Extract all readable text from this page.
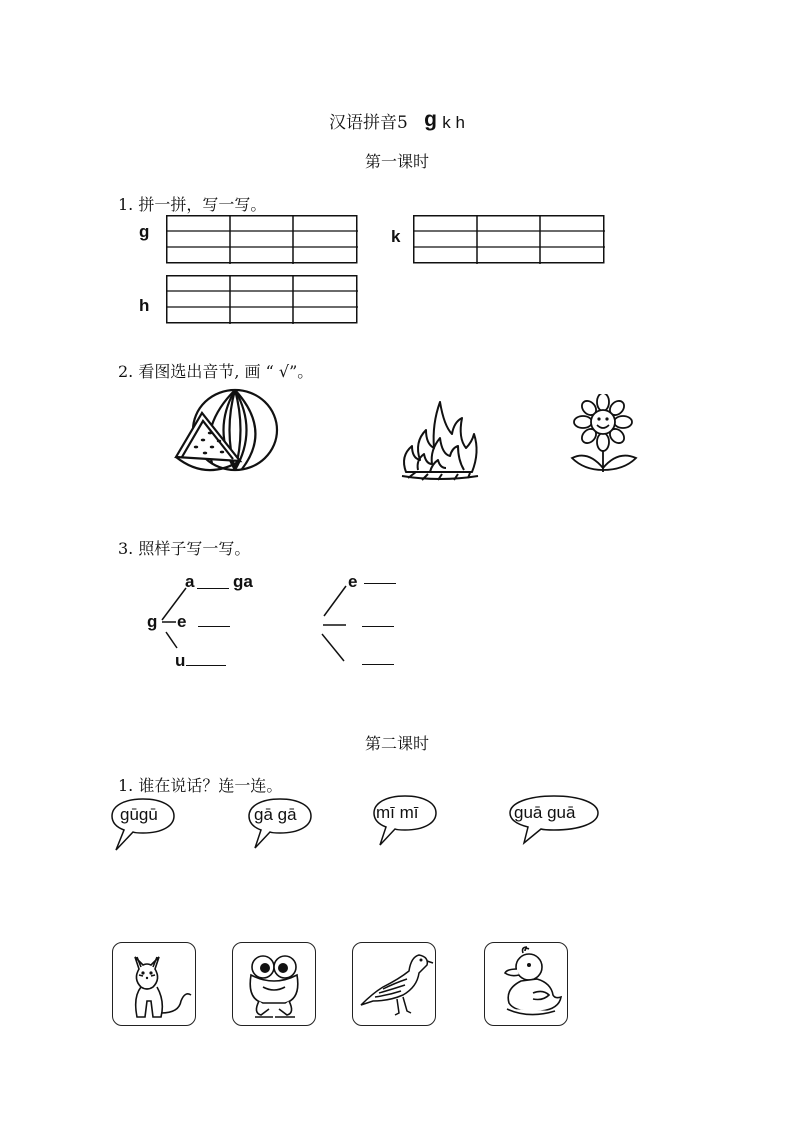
汉语拼音5 g k h
第一课时
1. 拼一拼，写一写。
g	k
h
2. 看图选出音节, 画 “ √”。
3. 照样子写一写。
a ga
g e
u
e
第二课时
1. 谁在说话？连一连。
gūgū	gā gā	mī mī	guā guā
